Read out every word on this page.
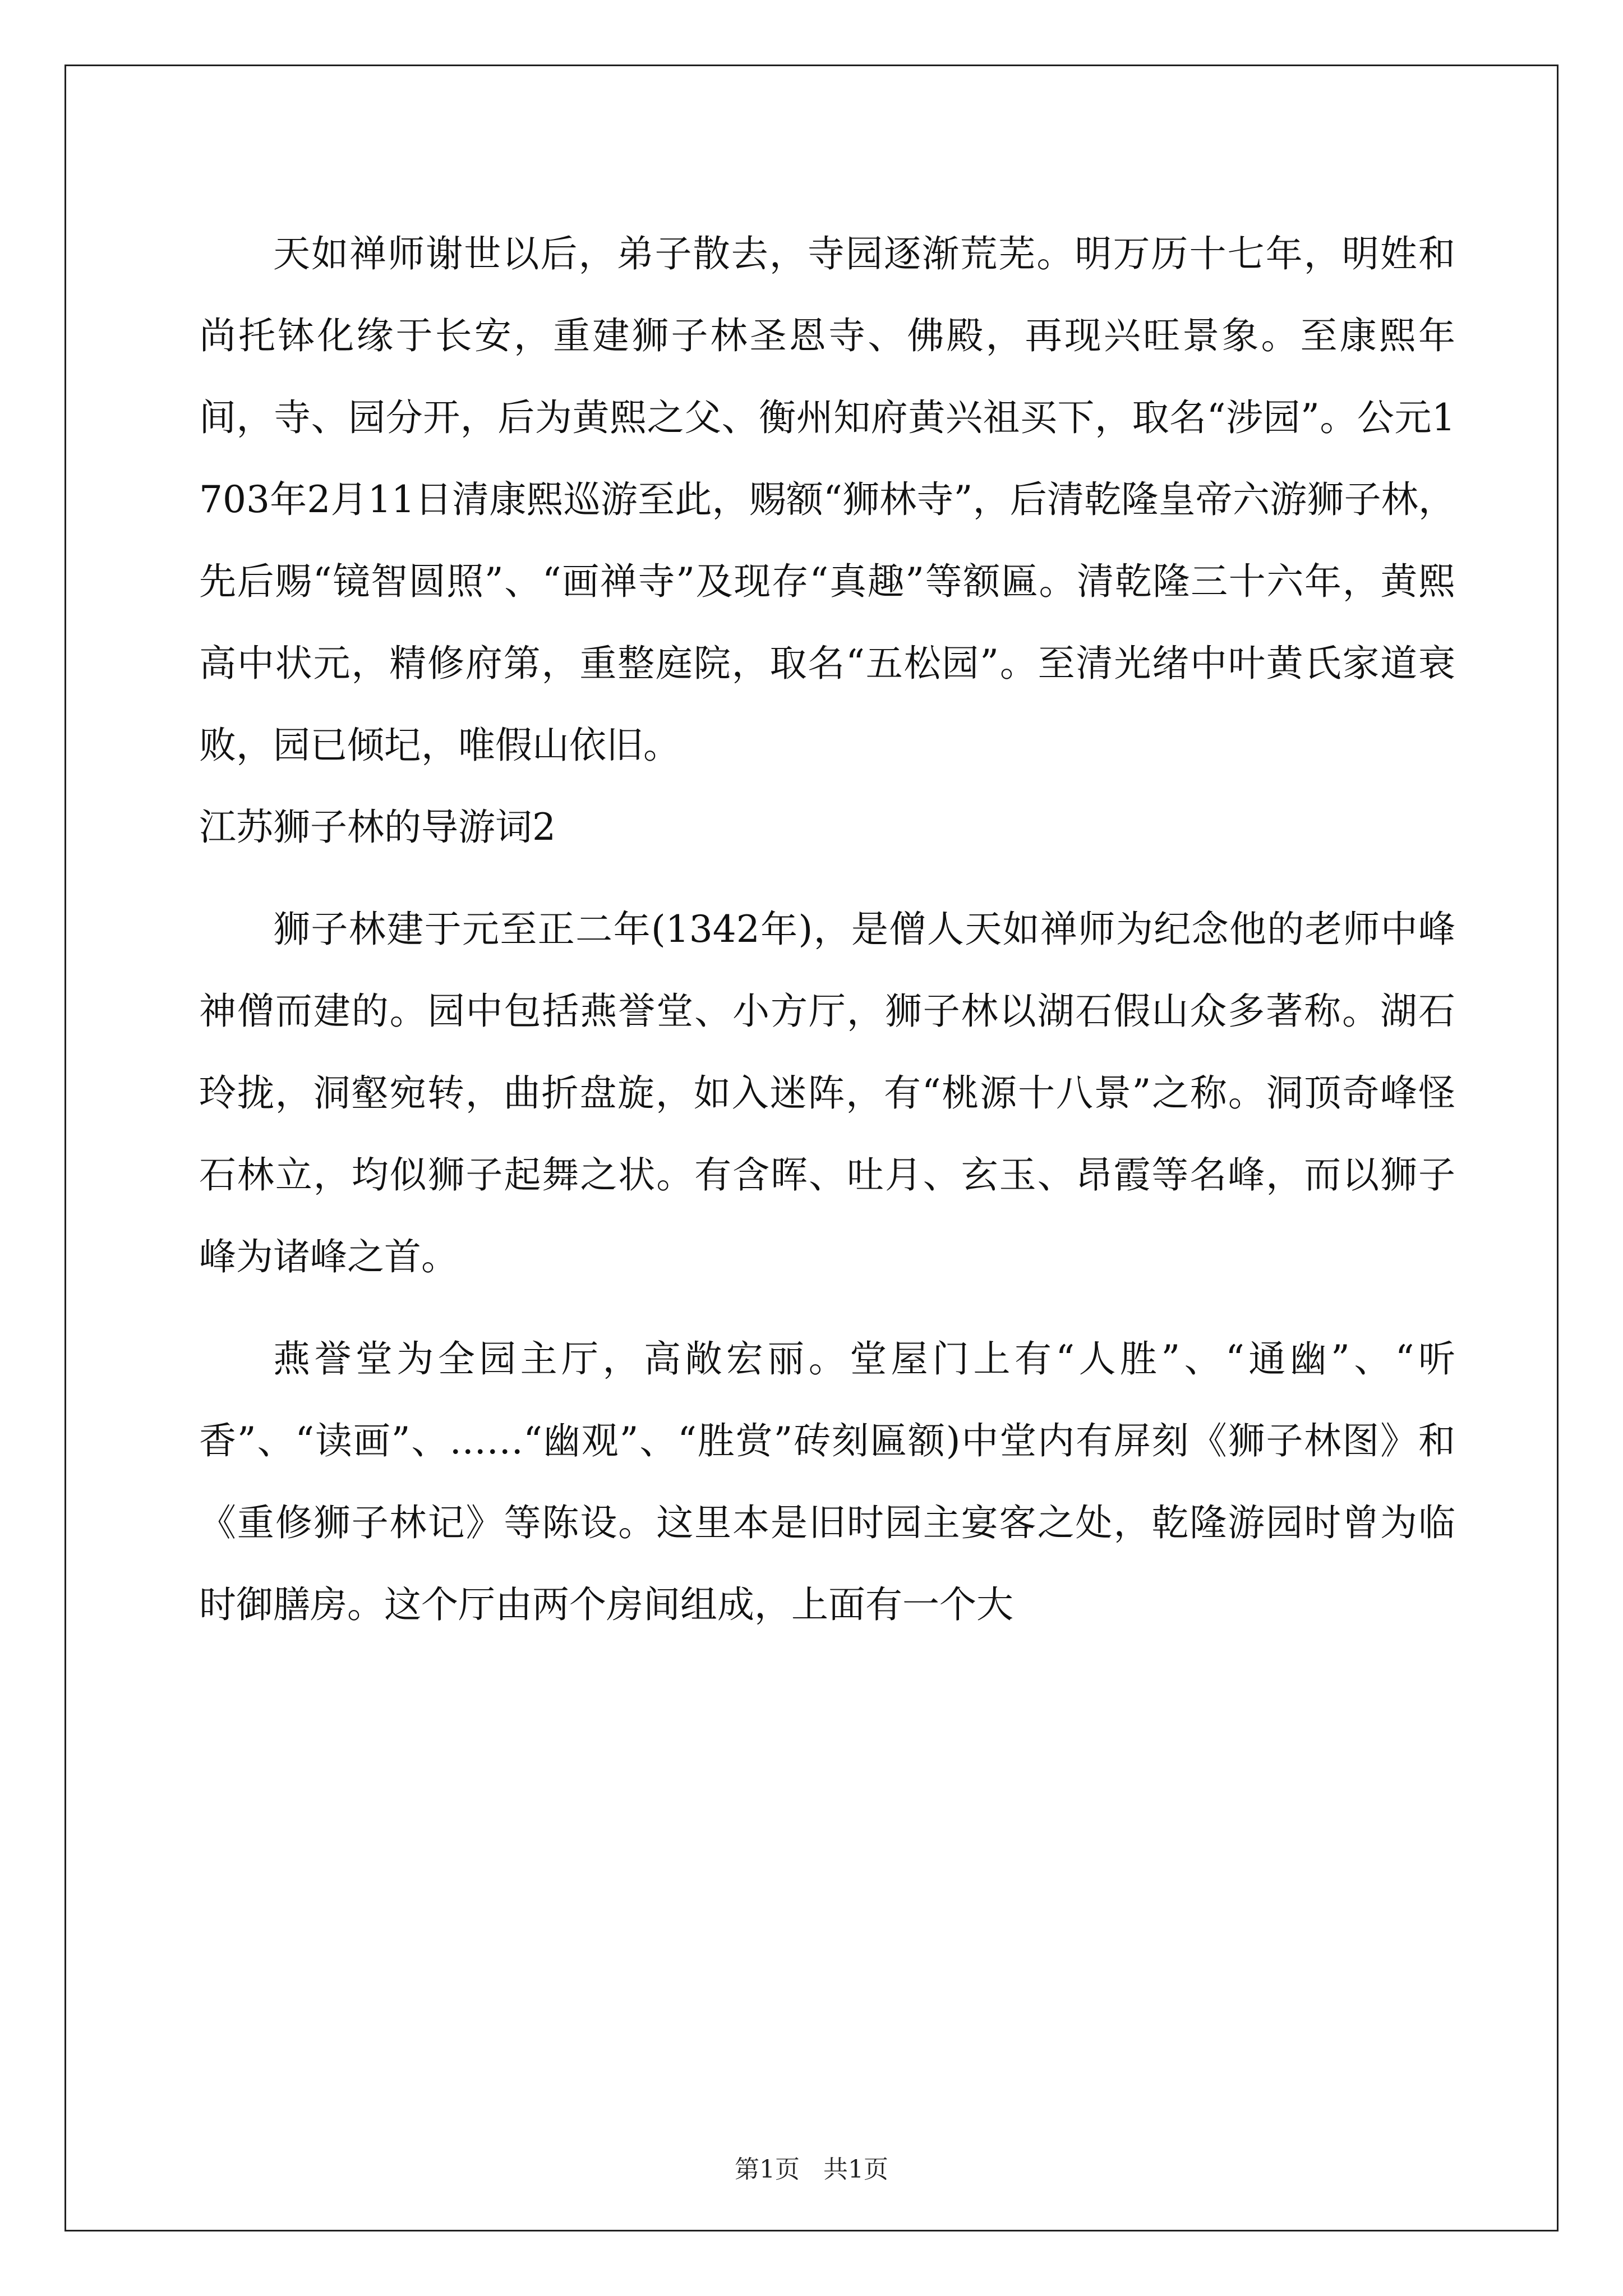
天如禅师谢世以后，弟子散去，寺园逐渐荒芜。明万历十七年，明姓和尚托钵化缘于长安，重建狮子林圣恩寺、佛殿，再现兴旺景象。至康熙年间，寺、园分开，后为黄熙之父、衡州知府黄兴祖买下，取名“涉园”。公元1703年2月11日清康熙巡游至此，赐额“狮林寺”，后清乾隆皇帝六游狮子林，先后赐“镜智圆照”、“画禅寺”及现存“真趣”等额匾。清乾隆三十六年，黄熙高中状元，精修府第，重整庭院，取名“五松园”。至清光绪中叶黄氏家道衰败，园已倾圮，唯假山依旧。

江苏狮子林的导游词2

狮子林建于元至正二年(1342年)，是僧人天如禅师为纪念他的老师中峰神僧而建的。园中包括燕誉堂、小方厅，狮子林以湖石假山众多著称。湖石玲拢，洞壑宛转，曲折盘旋，如入迷阵，有“桃源十八景”之称。洞顶奇峰怪石林立，均似狮子起舞之状。有含晖、吐月、玄玉、昂霞等名峰，而以狮子峰为诸峰之首。

燕誉堂为全园主厅，高敞宏丽。堂屋门上有“人胜”、“通幽”、“听香”、“读画”、……“幽观”、“胜赏”砖刻匾额)中堂内有屏刻《狮子林图》和《重修狮子林记》等陈设。这里本是旧时园主宴客之处，乾隆游园时曾为临时御膳房。这个厅由两个房间组成，上面有一个大

第1页 共1页
